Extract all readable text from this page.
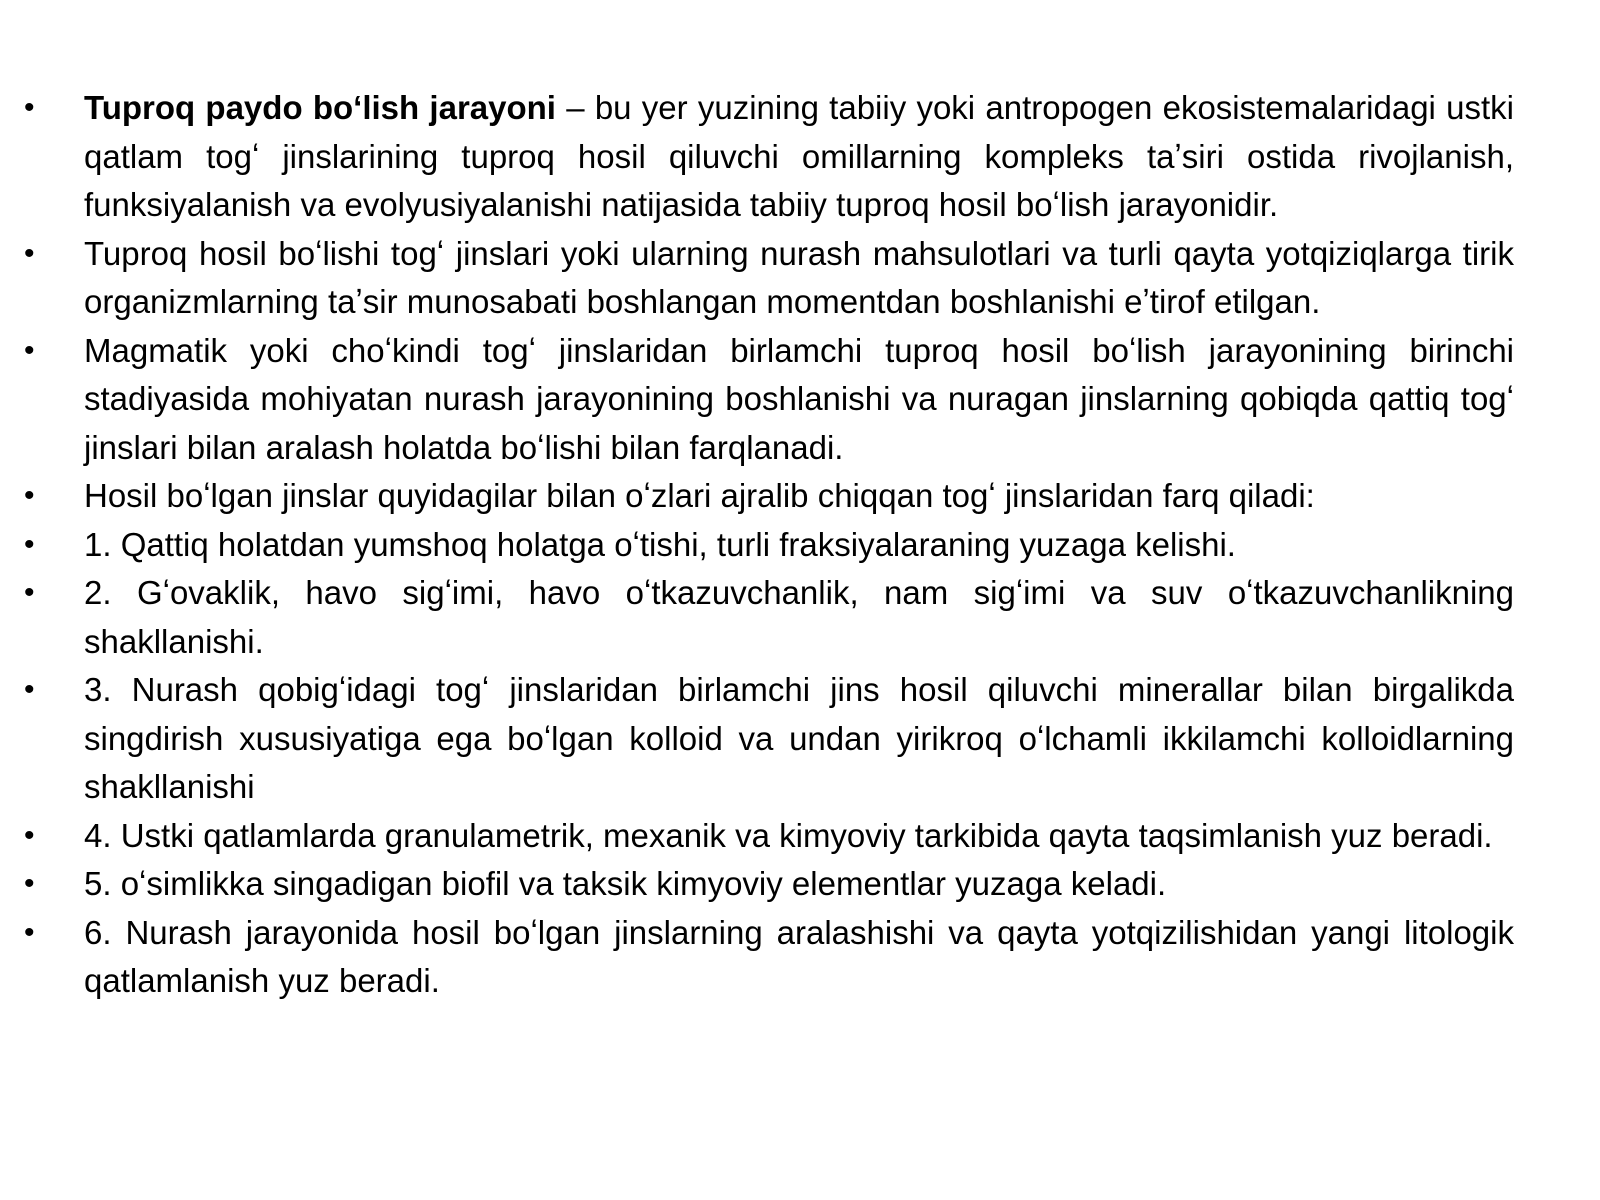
•	Tuproq paydo boʻlish jarayoni – bu yer yuzining tabiiy yoki antropogen ekosistemalaridagi ustki qatlam togʻ jinslarining tuproq hosil qiluvchi omillarning kompleks taʼsiri ostida rivojlanish, funksiyalanish va evolyusiyalanishi natijasida tabiiy tuproq hosil boʻlish jarayonidir.
•	Tuproq hosil boʻlishi togʻ jinslari yoki ularning nurash mahsulotlari va turli qayta yotqiziqlarga tirik organizmlarning taʼsir munosabati boshlangan momentdan boshlanishi eʼtirof etilgan.
•	Magmatik yoki choʻkindi togʻ jinslaridan birlamchi tuproq hosil boʻlish jarayonining birinchi stadiyasida mohiyatan nurash jarayonining boshlanishi va nuragan jinslarning qobiqda qattiq togʻ jinslari bilan aralash holatda boʻlishi bilan farqlanadi.
•	Hosil boʻlgan jinslar quyidagilar bilan oʻzlari ajralib chiqqan togʻ jinslaridan farq qiladi:
•	1. Qattiq holatdan yumshoq holatga oʻtishi, turli fraksiyalaraning yuzaga kelishi.
•	2. Gʻovaklik, havo sigʻimi, havo oʻtkazuvchanlik, nam sigʻimi va suv oʻtkazuvchanlikning shakllanishi.
•	3. Nurash qobigʻidagi togʻ jinslaridan birlamchi jins hosil qiluvchi minerallar bilan birgalikda singdirish xususiyatiga ega boʻlgan kolloid va undan yirikroq oʻlchamli ikkilamchi kolloidlarning shakllanishi
•	4. Ustki qatlamlarda granulametrik, mexanik va kimyoviy tarkibida qayta taqsimlanish yuz beradi.
•	5. oʻsimlikka singadigan biofil va taksik kimyoviy elementlar yuzaga keladi.
•	6. Nurash jarayonida hosil boʻlgan jinslarning aralashishi va qayta yotqizilishidan yangi litologik qatlamlanish yuz beradi.
